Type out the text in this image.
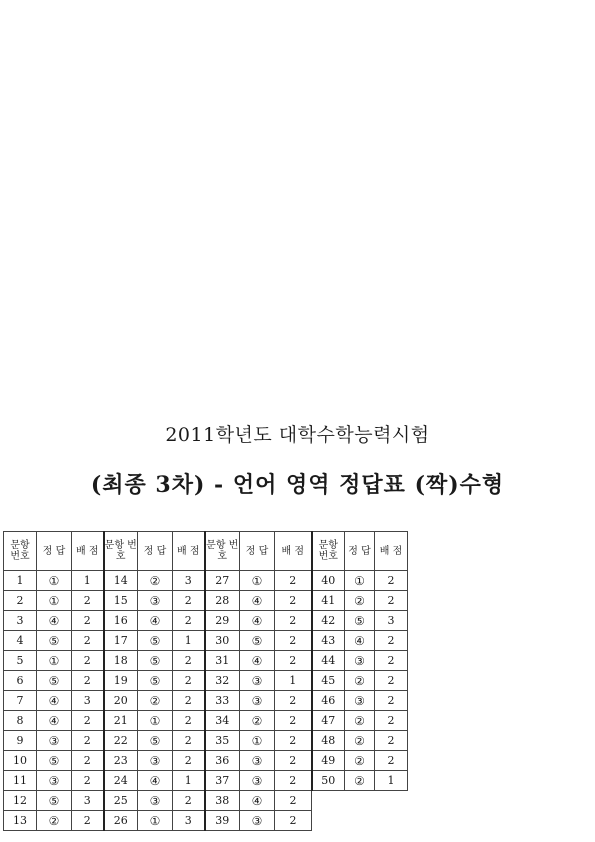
2011학년도 대학수학능력시험
(최종 3차) - 언어 영역 정답표 (짝)수형
문항 번호	정 답	배 점	문항 번호	정 답	배 점	문항 번호	정 답	배 점	문항 번호	정 답	배 점
1	①	1	14	②	3	27	①	2	40	①	2
2	①	2	15	③	2	28	④	2	41	②	2
3	④	2	16	④	2	29	④	2	42	⑤	3
4	⑤	2	17	⑤	1	30	⑤	2	43	④	2
5	①	2	18	⑤	2	31	④	2	44	③	2
6	⑤	2	19	⑤	2	32	③	1	45	②	2
7	④	3	20	②	2	33	③	2	46	③	2
8	④	2	21	①	2	34	②	2	47	②	2
9	③	2	22	⑤	2	35	①	2	48	②	2
10	⑤	2	23	③	2	36	③	2	49	②	2
11	③	2	24	④	1	37	③	2	50	②	1
12	⑤	3	25	③	2	38	④	2			
13	②	2	26	①	3	39	③	2			
